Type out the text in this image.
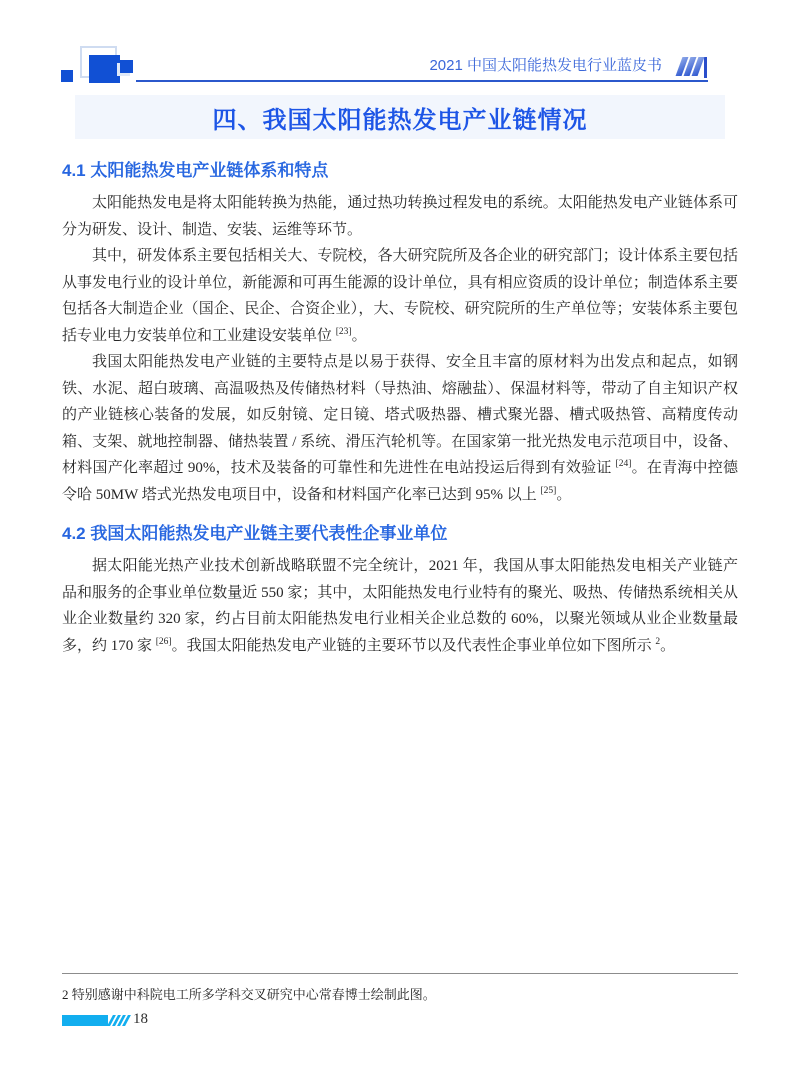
2021 中国太阳能热发电行业蓝皮书
四、我国太阳能热发电产业链情况
4.1 太阳能热发电产业链体系和特点

太阳能热发电是将太阳能转换为热能，通过热功转换过程发电的系统。太阳能热发电产业链体系可分为研发、设计、制造、安装、运维等环节。

其中，研发体系主要包括相关大、专院校，各大研究院所及各企业的研究部门；设计体系主要包括从事发电行业的设计单位，新能源和可再生能源的设计单位，具有相应资质的设计单位；制造体系主要包括各大制造企业（国企、民企、合资企业），大、专院校、研究院所的生产单位等；安装体系主要包括专业电力安装单位和工业建设安装单位 [23]。

我国太阳能热发电产业链的主要特点是以易于获得、安全且丰富的原材料为出发点和起点，如钢铁、水泥、超白玻璃、高温吸热及传储热材料（导热油、熔融盐）、保温材料等，带动了自主知识产权的产业链核心装备的发展，如反射镜、定日镜、塔式吸热器、槽式聚光器、槽式吸热管、高精度传动箱、支架、就地控制器、储热装置 / 系统、滑压汽轮机等。在国家第一批光热发电示范项目中，设备、材料国产化率超过 90%，技术及装备的可靠性和先进性在电站投运后得到有效验证 [24]。在青海中控德令哈 50MW 塔式光热发电项目中，设备和材料国产化率已达到 95% 以上 [25]。

4.2 我国太阳能热发电产业链主要代表性企事业单位

据太阳能光热产业技术创新战略联盟不完全统计，2021 年，我国从事太阳能热发电相关产业链产品和服务的企事业单位数量近 550 家；其中，太阳能热发电行业特有的聚光、吸热、传储热系统相关从业企业数量约 320 家，约占目前太阳能热发电行业相关企业总数的 60%，以聚光领域从业企业数量最多，约 170 家 [26]。我国太阳能热发电产业链的主要环节以及代表性企事业单位如下图所示 $^2$。

2 特别感谢中科院电工所多学科交叉研究中心常春博士绘制此图。
18
